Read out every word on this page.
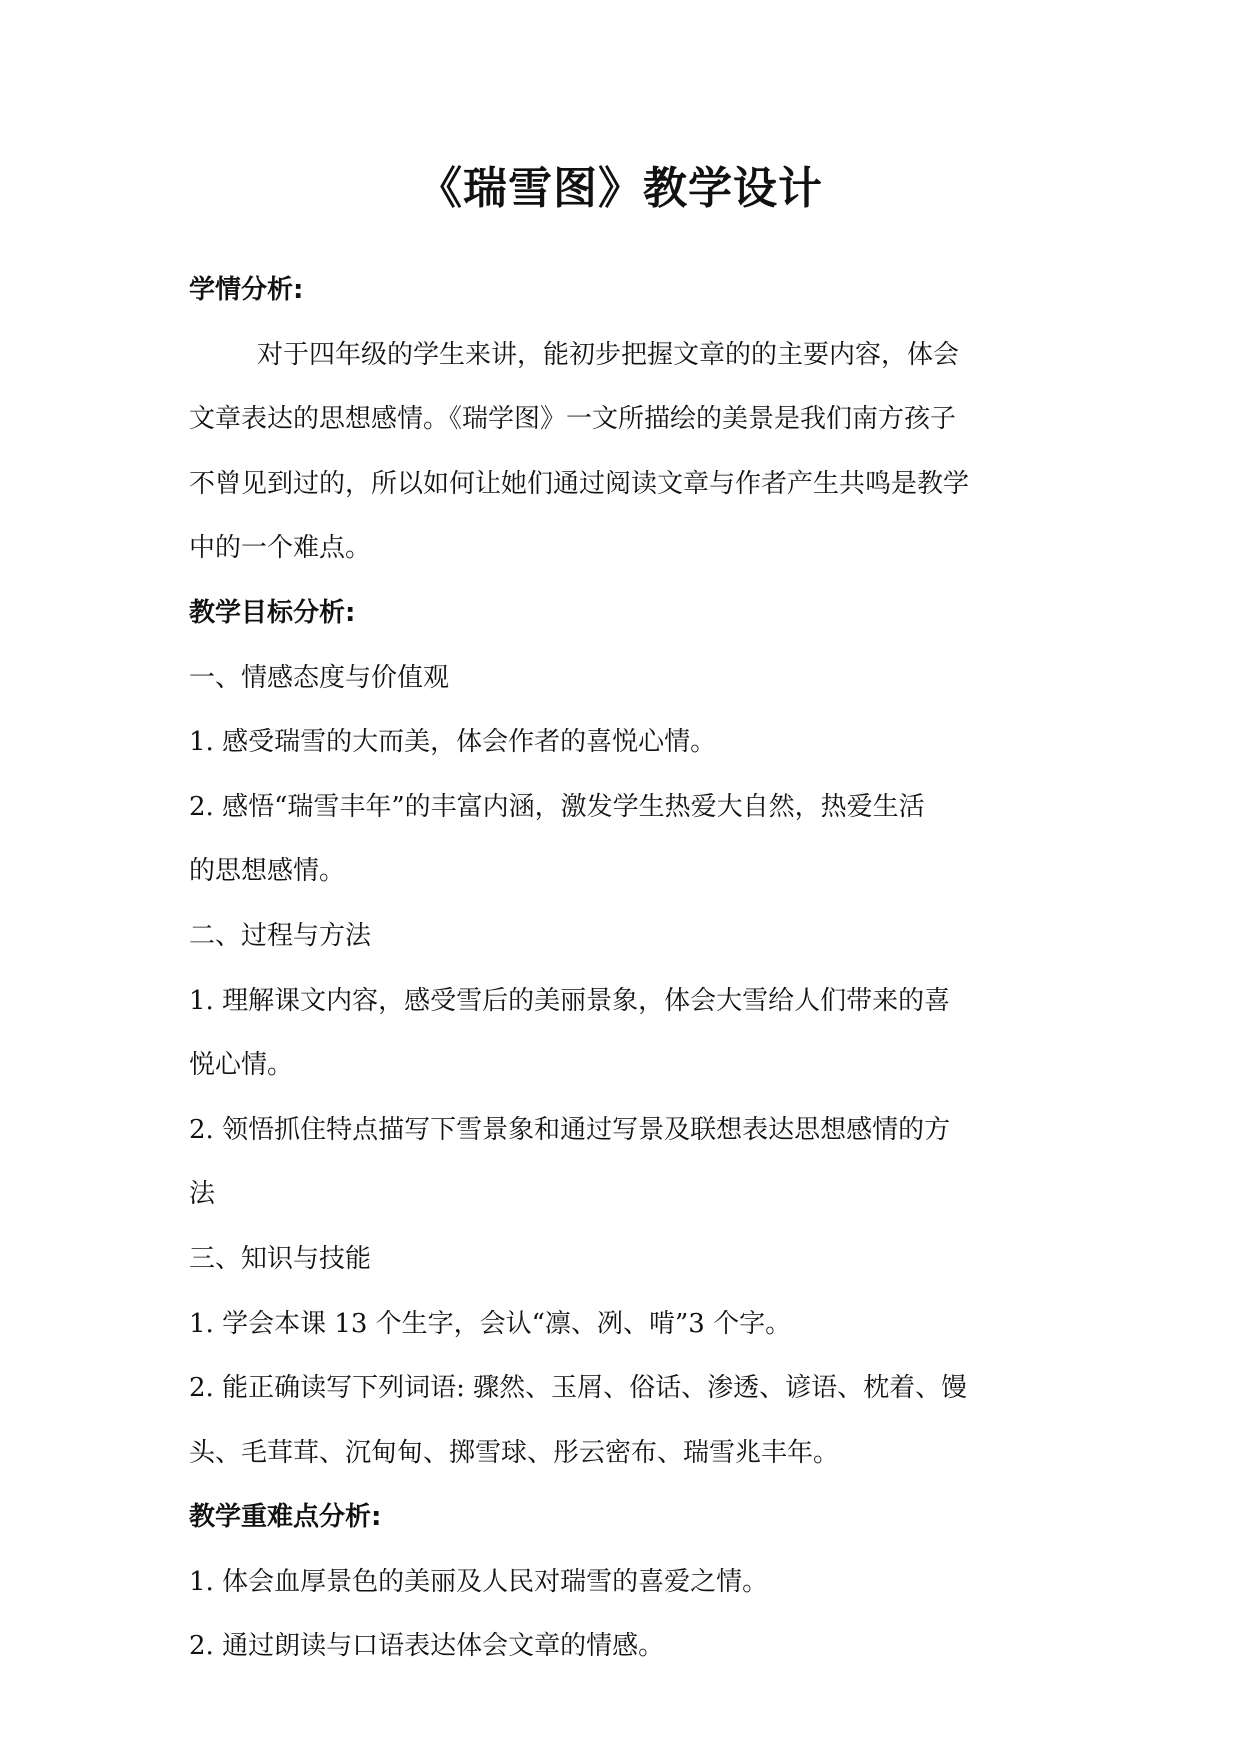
《瑞雪图》教学设计

学情分析:

对于四年级的学生来讲，能初步把握文章的的主要内容，体会

文章表达的思想感情。《瑞学图》一文所描绘的美景是我们南方孩子

不曾见到过的，所以如何让她们通过阅读文章与作者产生共鸣是教学

中的一个难点。

教学目标分析:

一、情感态度与价值观

1. 感受瑞雪的大而美，体会作者的喜悦心情。

2. 感悟“瑞雪丰年”的丰富内涵，激发学生热爱大自然，热爱生活

的思想感情。

二、过程与方法

1. 理解课文内容，感受雪后的美丽景象，体会大雪给人们带来的喜

悦心情。

2. 领悟抓住特点描写下雪景象和通过写景及联想表达思想感情的方

法

三、知识与技能

1. 学会本课 13 个生字，会认“凛、冽、啃”3 个字。

2. 能正确读写下列词语: 骤然、玉屑、俗话、渗透、谚语、枕着、馒

头、毛茸茸、沉甸甸、掷雪球、彤云密布、瑞雪兆丰年。

教学重难点分析:

1. 体会血厚景色的美丽及人民对瑞雪的喜爱之情。

2. 通过朗读与口语表达体会文章的情感。
